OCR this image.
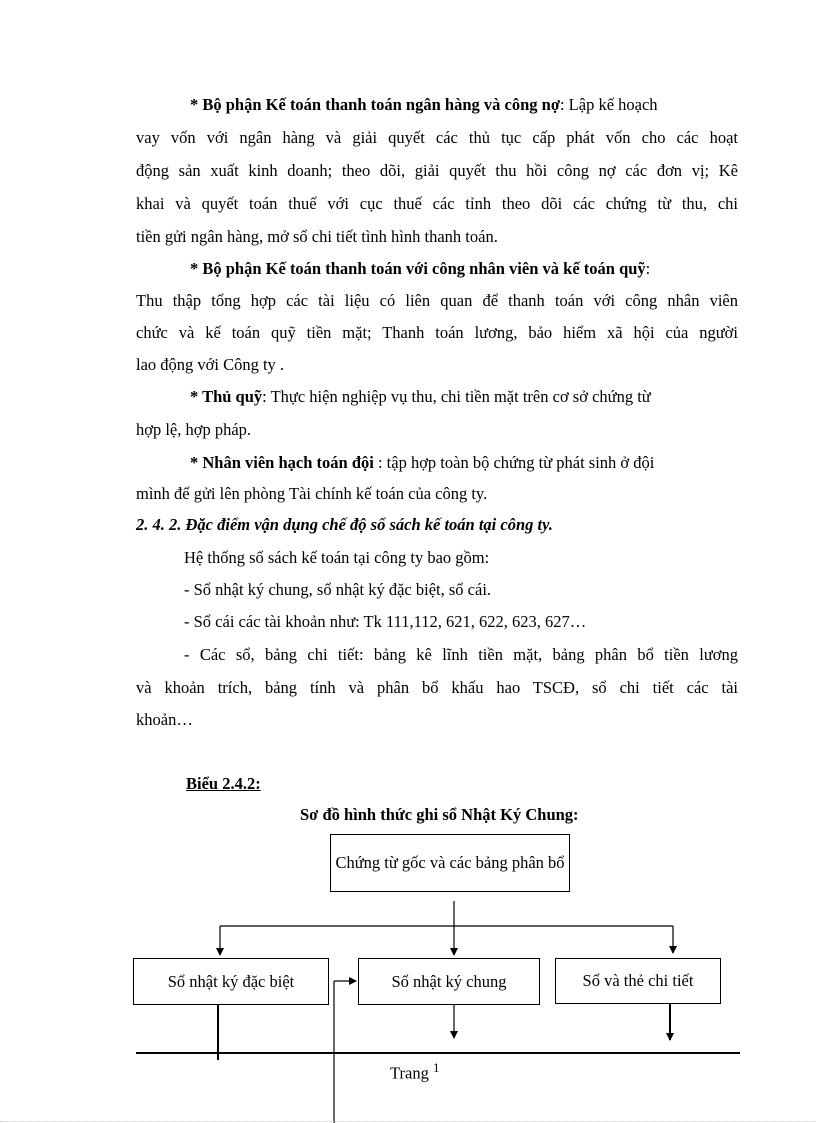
* Bộ phận Kế toán thanh toán ngân hàng và công nợ: Lập kế hoạch
vay vốn với ngân hàng và giải quyết các thủ tục cấp phát vốn cho các hoạt
động sản xuất kinh doanh; theo dõi, giải quyết thu hồi công nợ các đơn vị; Kê
khai và quyết toán thuế với cục thuế các tỉnh theo dõi các chứng từ thu, chi
tiền gửi ngân hàng, mở sổ chi tiết tình hình thanh toán.
* Bộ phận Kế toán thanh toán với công nhân viên và kế toán quỹ:
Thu thập tổng hợp các tài liệu có liên quan để thanh toán với công nhân viên
chức và kế toán quỹ tiền mặt; Thanh toán lương, bảo hiểm xã hội của người
lao động với Công ty .
* Thủ quỹ: Thực hiện nghiệp vụ thu, chi tiền mặt trên cơ sở chứng từ
hợp lệ, hợp pháp.
* Nhân viên hạch toán đội : tập hợp toàn bộ chứng từ phát sinh ở đội
mình để gửi lên phòng Tài chính kế toán của công ty.
2. 4. 2. Đặc điểm vận dụng chế độ sổ sách kế toán tại công ty.
Hệ thống sổ sách kế toán tại công ty bao gồm:
- Sổ nhật ký chung, sổ nhật ký đặc biệt, sổ cái.
- Sổ cái các tài khoản như: Tk 111,112, 621, 622, 623, 627…
- Các sổ, bảng chi tiết: bảng kê lĩnh tiền mặt, bảng phân bổ tiền lương
và khoản trích, bảng tính và phân bổ khấu hao TSCĐ, sổ chi tiết các tài
khoản…
Biểu 2.4.2:
Sơ đồ hình thức ghi sổ Nhật Ký Chung:
Chứng từ gốc và các bảng phân bổ
Sổ nhật ký đặc biệt	Sổ nhật ký chung	Sổ và thẻ chi tiết
Trang $^1$
